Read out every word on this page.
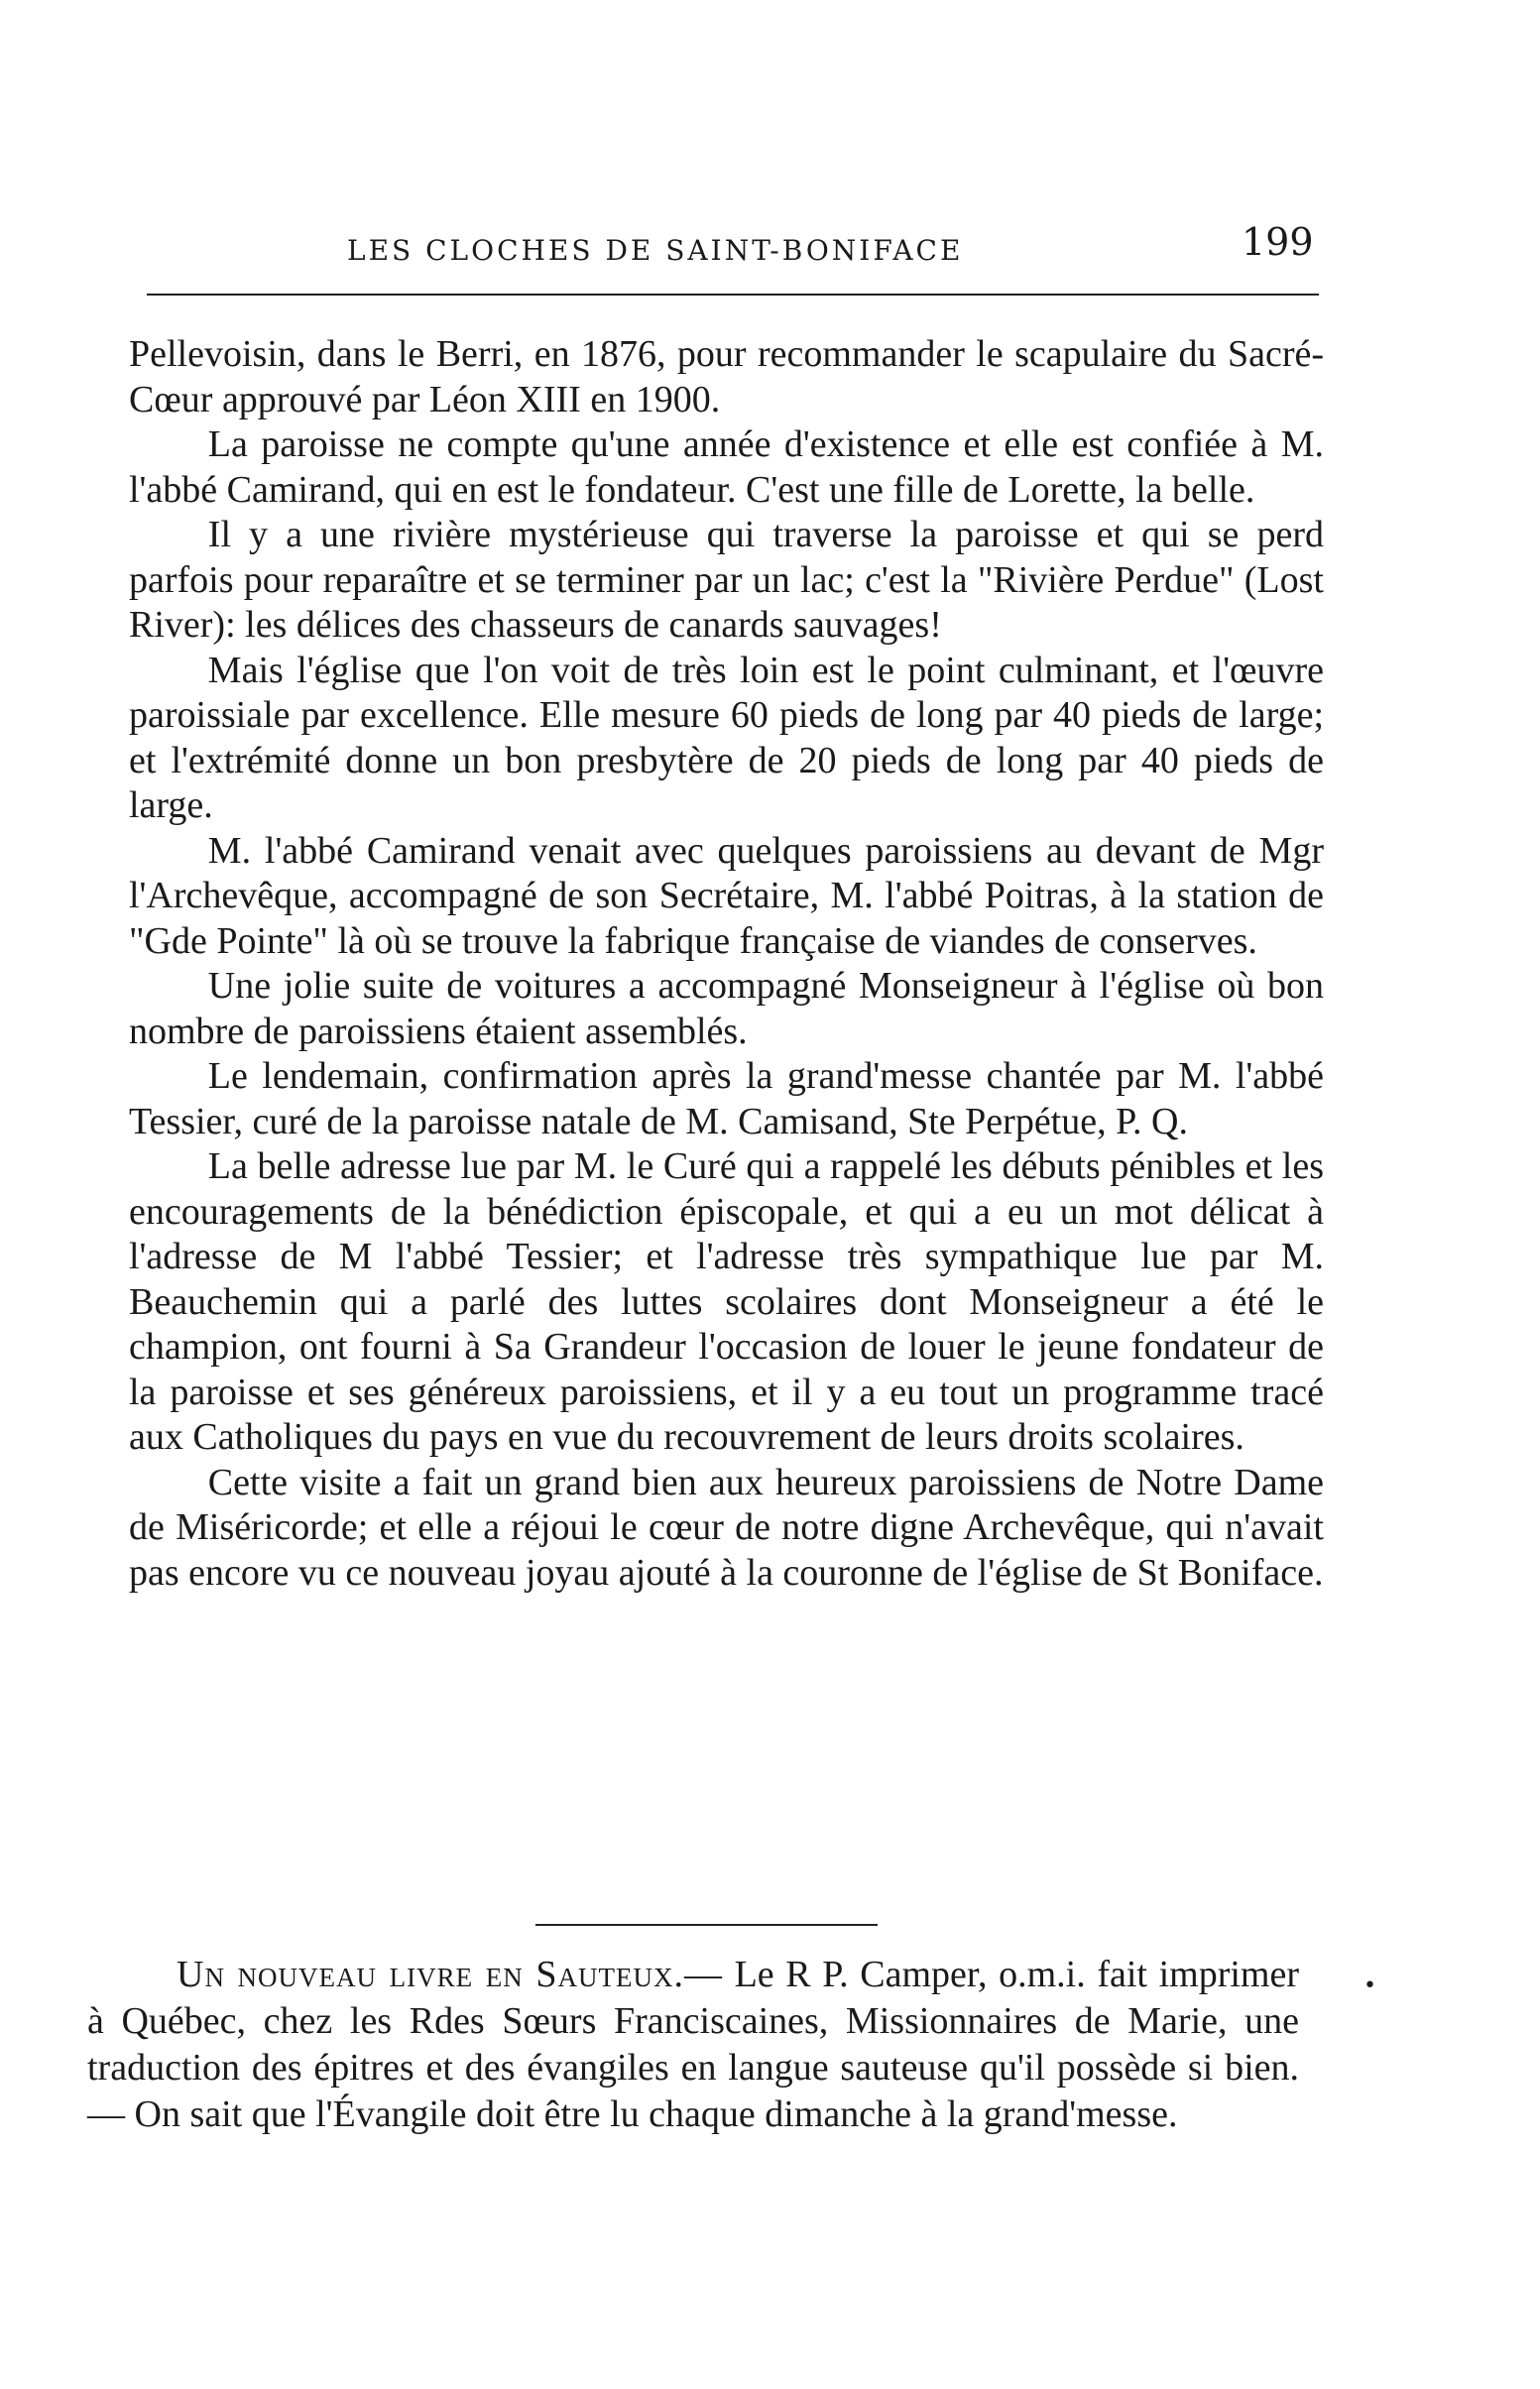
LES CLOCHES DE SAINT-BONIFACE	199

Pellevoisin, dans le Berri, en 1876, pour recommander le scapulaire du Sacré-Cœur approuvé par Léon XIII en 1900.

La paroisse ne compte qu'une année d'existence et elle est confiée à M. l'abbé Camirand, qui en est le fondateur. C'est une fille de Lorette, la belle.

Il y a une rivière mystérieuse qui traverse la paroisse et qui se perd parfois pour reparaître et se terminer par un lac; c'est la "Rivière Perdue" (Lost River): les délices des chasseurs de canards sauvages!

Mais l'église que l'on voit de très loin est le point culminant, et l'œuvre paroissiale par excellence. Elle mesure 60 pieds de long par 40 pieds de large; et l'extrémité donne un bon presbytère de 20 pieds de long par 40 pieds de large.

M. l'abbé Camirand venait avec quelques paroissiens au devant de Mgr l'Archevêque, accompagné de son Secrétaire, M. l'abbé Poitras, à la station de "Gde Pointe" là où se trouve la fabrique française de viandes de conserves.

Une jolie suite de voitures a accompagné Monseigneur à l'église où bon nombre de paroissiens étaient assemblés.

Le lendemain, confirmation après la grand'messe chantée par M. l'abbé Tessier, curé de la paroisse natale de M. Camisand, Ste Perpétue, P. Q.

La belle adresse lue par M. le Curé qui a rappelé les débuts pénibles et les encouragements de la bénédiction épiscopale, et qui a eu un mot délicat à l'adresse de M l'abbé Tessier; et l'adresse très sympathique lue par M. Beauchemin qui a parlé des luttes scolaires dont Monseigneur a été le champion, ont fourni à Sa Grandeur l'occasion de louer le jeune fondateur de la paroisse et ses généreux paroissiens, et il y a eu tout un programme tracé aux Catholiques du pays en vue du recouvrement de leurs droits scolaires.

Cette visite a fait un grand bien aux heureux paroissiens de Notre Dame de Miséricorde; et elle a réjoui le cœur de notre digne Archevêque, qui n'avait pas encore vu ce nouveau joyau ajouté à la couronne de l'église de St Boniface.

Un nouveau livre en Sauteux.— Le R P. Camper, o.m.i. fait imprimer à Québec, chez les Rdes Sœurs Franciscaines, Missionnaires de Marie, une traduction des épitres et des évangiles en langue sauteuse qu'il possède si bien.— On sait que l'Évangile doit être lu chaque dimanche à la grand'messe.
•
